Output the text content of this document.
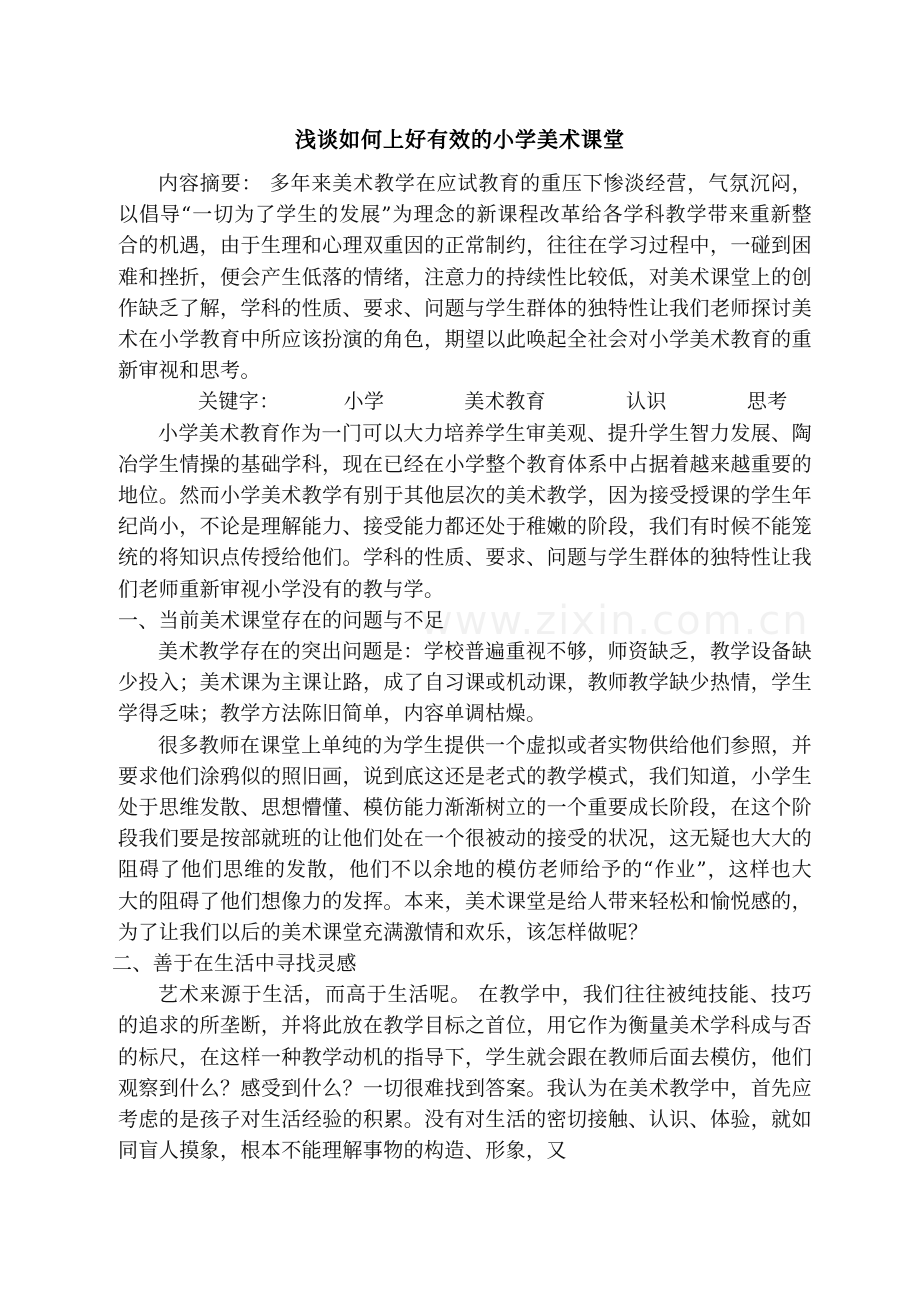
浅谈如何上好有效的小学美术课堂

内容摘要： 多年来美术教学在应试教育的重压下惨淡经营，气氛沉闷，以倡导“一切为了学生的发展”为理念的新课程改革给各学科教学带来重新整合的机遇，由于生理和心理双重因的正常制约，往往在学习过程中，一碰到困难和挫折，便会产生低落的情绪，注意力的持续性比较低，对美术课堂上的创作缺乏了解，学科的性质、要求、问题与学生群体的独特性让我们老师探讨美术在小学教育中所应该扮演的角色，期望以此唤起全社会对小学美术教育的重新审视和思考。

关键字：	小学	美术教育	认识	思考

小学美术教育作为一门可以大力培养学生审美观、提升学生智力发展、陶冶学生情操的基础学科，现在已经在小学整个教育体系中占据着越来越重要的地位。然而小学美术教学有别于其他层次的美术教学，因为接受授课的学生年纪尚小，不论是理解能力、接受能力都还处于稚嫩的阶段，我们有时候不能笼统的将知识点传授给他们。学科的性质、要求、问题与学生群体的独特性让我们老师重新审视小学没有的教与学。

一、当前美术课堂存在的问题与不足

美术教学存在的突出问题是：学校普遍重视不够，师资缺乏，教学设备缺少投入；美术课为主课让路，成了自习课或机动课，教师教学缺少热情，学生学得乏味；教学方法陈旧简单，内容单调枯燥。

很多教师在课堂上单纯的为学生提供一个虚拟或者实物供给他们参照，并要求他们涂鸦似的照旧画，说到底这还是老式的教学模式，我们知道，小学生处于思维发散、思想懵懂、模仿能力渐渐树立的一个重要成长阶段，在这个阶段我们要是按部就班的让他们处在一个很被动的接受的状况，这无疑也大大的阻碍了他们思维的发散，他们不以余地的模仿老师给予的“作业”，这样也大大的阻碍了他们想像力的发挥。本来，美术课堂是给人带来轻松和愉悦感的，为了让我们以后的美术课堂充满激情和欢乐，该怎样做呢？

二、善于在生活中寻找灵感

艺术来源于生活，而高于生活呢。 在教学中，我们往往被纯技能、技巧的追求的所垄断，并将此放在教学目标之首位，用它作为衡量美术学科成与否的标尺，在这样一种教学动机的指导下，学生就会跟在教师后面去模仿，他们观察到什么？感受到什么？一切很难找到答案。我认为在美术教学中，首先应考虑的是孩子对生活经验的积累。没有对生活的密切接触、认识、体验，就如同盲人摸象，根本不能理解事物的构造、形象，又

www.zixin.com.cn
